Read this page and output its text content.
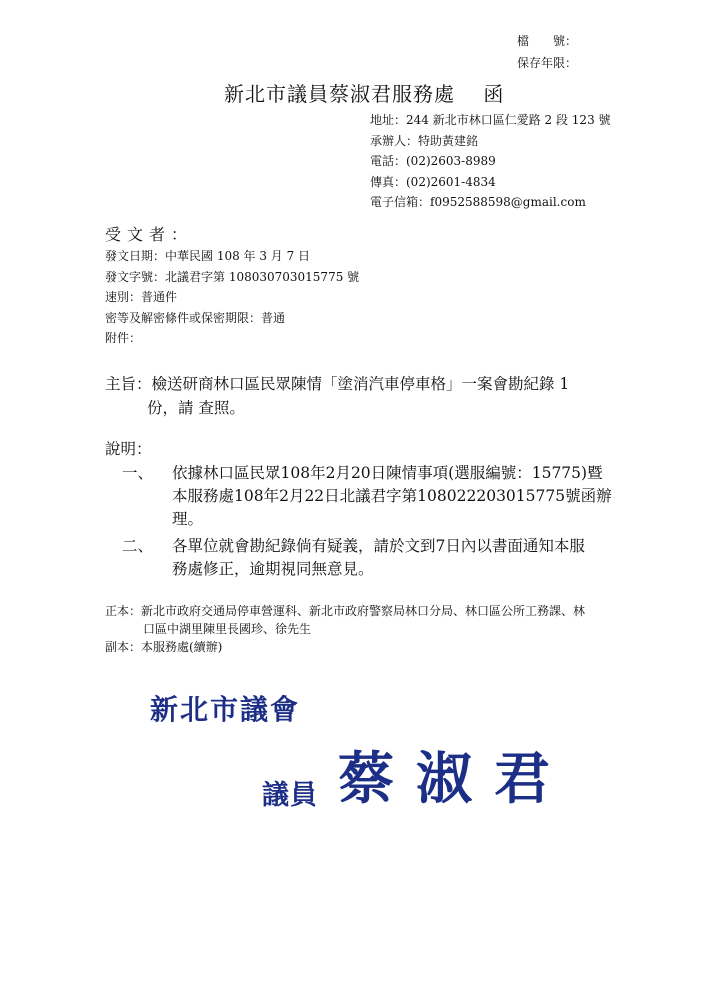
檔　　號：
保存年限：
新北市議員蔡淑君服務處　 函
地址：244 新北市林口區仁愛路 2 段 123 號
承辦人：特助黃建銘
電話：(02)2603-8989
傳真：(02)2601-4834
電子信箱：f0952588598@gmail.com
受文者：
發文日期：中華民國 108 年 3 月 7 日
發文字號：北議君字第 108030703015775 號
速別：普通件
密等及解密條件或保密期限：普通
附件：
主旨：檢送研商林口區民眾陳情「塗消汽車停車格」一案會勘紀錄 1
份，請 查照。
說明：
一、 依據林口區民眾108年2月20日陳情事項(選服編號：15775)暨
本服務處108年2月22日北議君字第108022203015775號函辦
理。
二、 各單位就會勘紀錄倘有疑義，請於文到7日內以書面通知本服
務處修正，逾期視同無意見。
正本：新北市政府交通局停車營運科、新北市政府警察局林口分局、林口區公所工務課、林
口區中湖里陳里長國珍、徐先生
副本：本服務處(續辦)
新北市議會
議員 蔡淑君
